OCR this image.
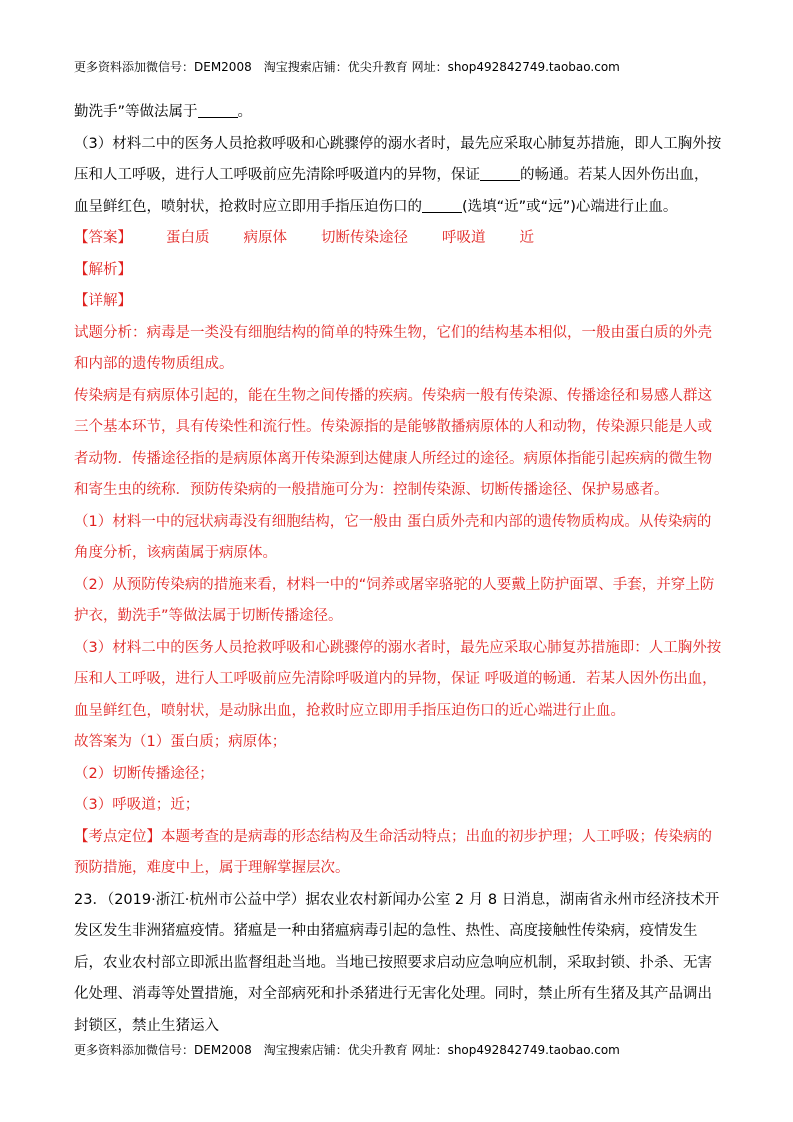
更多资料添加微信号：DEM2008 淘宝搜索店铺：优尖升教育 网址：shop492842749.taobao.com

勤洗手”等做法属于	。

（3）材料二中的医务人员抢救呼吸和心跳骤停的溺水者时，最先应采取心肺复苏措施，即人工胸外按压和人工呼吸，进行人工呼吸前应先清除呼吸道内的异物，保证	的畅通。若某人因外伤出血，血呈鲜红色，喷射状，抢救时应立即用手指压迫伤口的	(选填“近”或“远”)心端进行止血。

【答案】 蛋白质 病原体 切断传染途径 呼吸道 近

【解析】

【详解】

试题分析：病毒是一类没有细胞结构的简单的特殊生物，它们的结构基本相似，一般由蛋白质的外壳和内部的遗传物质组成。

传染病是有病原体引起的，能在生物之间传播的疾病。传染病一般有传染源、传播途径和易感人群这三个基本环节，具有传染性和流行性。传染源指的是能够散播病原体的人和动物，传染源只能是人或者动物．传播途径指的是病原体离开传染源到达健康人所经过的途径。病原体指能引起疾病的微生物和寄生虫的统称．预防传染病的一般措施可分为：控制传染源、切断传播途径、保护易感者。

（1）材料一中的冠状病毒没有细胞结构，它一般由 蛋白质外壳和内部的遗传物质构成。从传染病的角度分析，该病菌属于病原体。

（2）从预防传染病的措施来看，材料一中的“饲养或屠宰骆驼的人要戴上防护面罩、手套，并穿上防护衣，勤洗手”等做法属于切断传播途径。

（3）材料二中的医务人员抢救呼吸和心跳骤停的溺水者时，最先应采取心肺复苏措施即：人工胸外按压和人工呼吸，进行人工呼吸前应先清除呼吸道内的异物，保证 呼吸道的畅通．若某人因外伤出血，血呈鲜红色，喷射状，是动脉出血，抢救时应立即用手指压迫伤口的近心端进行止血。

故答案为（1）蛋白质；病原体；

（2）切断传播途径；

（3）呼吸道；近；

【考点定位】本题考查的是病毒的形态结构及生命活动特点；出血的初步护理；人工呼吸；传染病的预防措施，难度中上，属于理解掌握层次。

23．（2019·浙江·杭州市公益中学）据农业农村新闻办公室 2 月 8 日消息，湖南省永州市经济技术开发区发生非洲猪瘟疫情。猪瘟是一种由猪瘟病毒引起的急性、热性、高度接触性传染病，疫情发生后，农业农村部立即派出监督组赴当地。当地已按照要求启动应急响应机制，采取封锁、扑杀、无害化处理、消毒等处置措施，对全部病死和扑杀猪进行无害化处理。同时，禁止所有生猪及其产品调出封锁区，禁止生猪运入

更多资料添加微信号：DEM2008 淘宝搜索店铺：优尖升教育 网址：shop492842749.taobao.com
